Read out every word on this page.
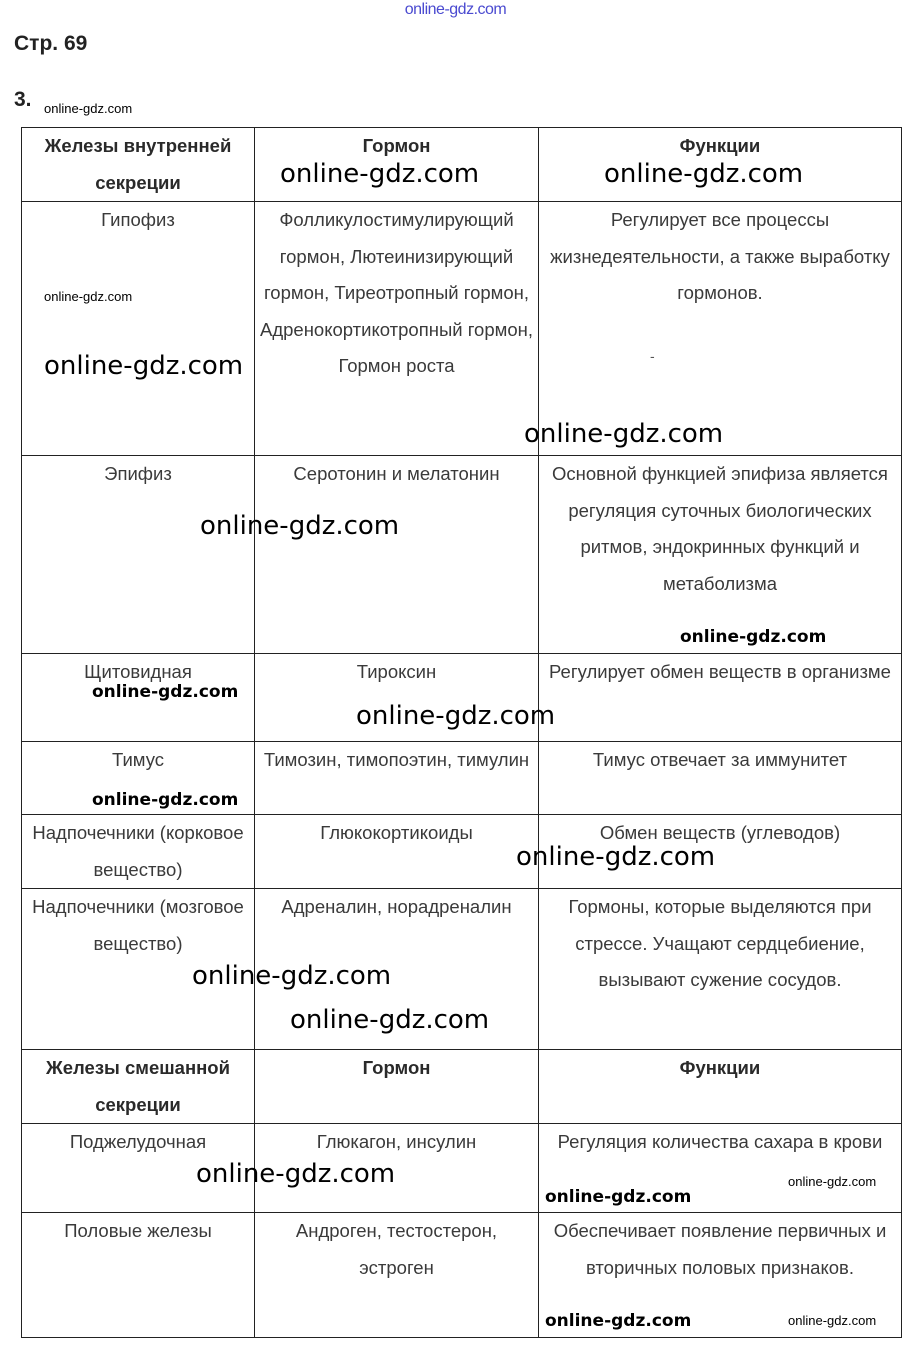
online-gdz.com
Стр. 69
3.
Железы внутренней секреции	Гормон	Функции
Гипофиз	Фолликулостимулирующий гормон, Лютеинизирующий гормон, Тиреотропный гормон, Адренокортикотропный гормон, Гормон роста	Регулирует все процессы жизнедеятельности, а также выработку гормонов.
Эпифиз	Серотонин и мелатонин	Основной функцией эпифиза является регуляция суточных биологических ритмов, эндокринных функций и метаболизма
Щитовидная	Тироксин	Регулирует обмен веществ в организме
Тимус	Тимозин, тимопоэтин, тимулин	Тимус отвечает за иммунитет
Надпочечники (корковое вещество)	Глюкокортикоиды	Обмен веществ (углеводов)
Надпочечники (мозговое вещество)	Адреналин, норадреналин	Гормоны, которые выделяются при стрессе. Учащают сердцебиение, вызывают сужение сосудов.
Железы смешанной секреции	Гормон	Функции
Поджелудочная	Глюкагон, инсулин	Регуляция количества сахара в крови
Половые железы	Андроген, тестостерон, эстроген	Обеспечивает появление первичных и вторичных половых признаков.
-
online-gdz.com
online-gdz.com
online-gdz.com	online-gdz.com
online-gdz.com
online-gdz.com
online-gdz.com
online-gdz.com
online-gdz.com
online-gdz.com
online-gdz.com
online-gdz.com
online-gdz.com
online-gdz.com
online-gdz.com
online-gdz.com
online-gdz.com
online-gdz.com
online-gdz.com
